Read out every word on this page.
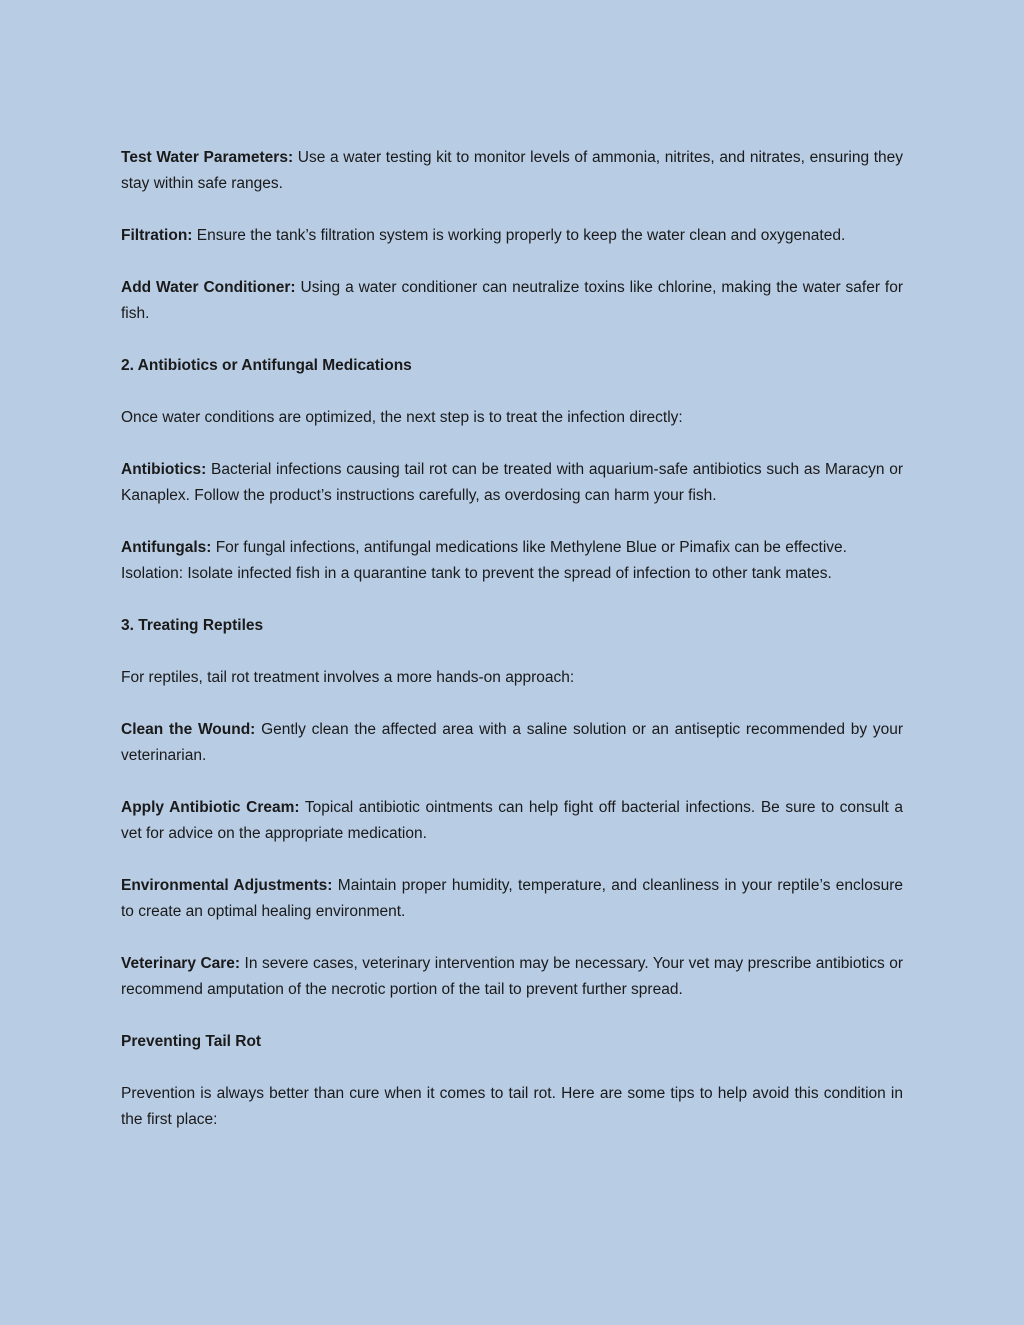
Test Water Parameters: Use a water testing kit to monitor levels of ammonia, nitrites, and nitrates, ensuring they stay within safe ranges.

Filtration: Ensure the tank’s filtration system is working properly to keep the water clean and oxygenated.

Add Water Conditioner: Using a water conditioner can neutralize toxins like chlorine, making the water safer for fish.

2. Antibiotics or Antifungal Medications

Once water conditions are optimized, the next step is to treat the infection directly:

Antibiotics: Bacterial infections causing tail rot can be treated with aquarium-safe antibiotics such as Maracyn or Kanaplex. Follow the product’s instructions carefully, as overdosing can harm your fish.

Antifungals: For fungal infections, antifungal medications like Methylene Blue or Pimafix can be effective.

Isolation: Isolate infected fish in a quarantine tank to prevent the spread of infection to other tank mates.

3. Treating Reptiles

For reptiles, tail rot treatment involves a more hands-on approach:

Clean the Wound: Gently clean the affected area with a saline solution or an antiseptic recommended by your veterinarian.

Apply Antibiotic Cream: Topical antibiotic ointments can help fight off bacterial infections. Be sure to consult a vet for advice on the appropriate medication.

Environmental Adjustments: Maintain proper humidity, temperature, and cleanliness in your reptile’s enclosure to create an optimal healing environment.

Veterinary Care: In severe cases, veterinary intervention may be necessary. Your vet may prescribe antibiotics or recommend amputation of the necrotic portion of the tail to prevent further spread.

Preventing Tail Rot

Prevention is always better than cure when it comes to tail rot. Here are some tips to help avoid this condition in the first place:
